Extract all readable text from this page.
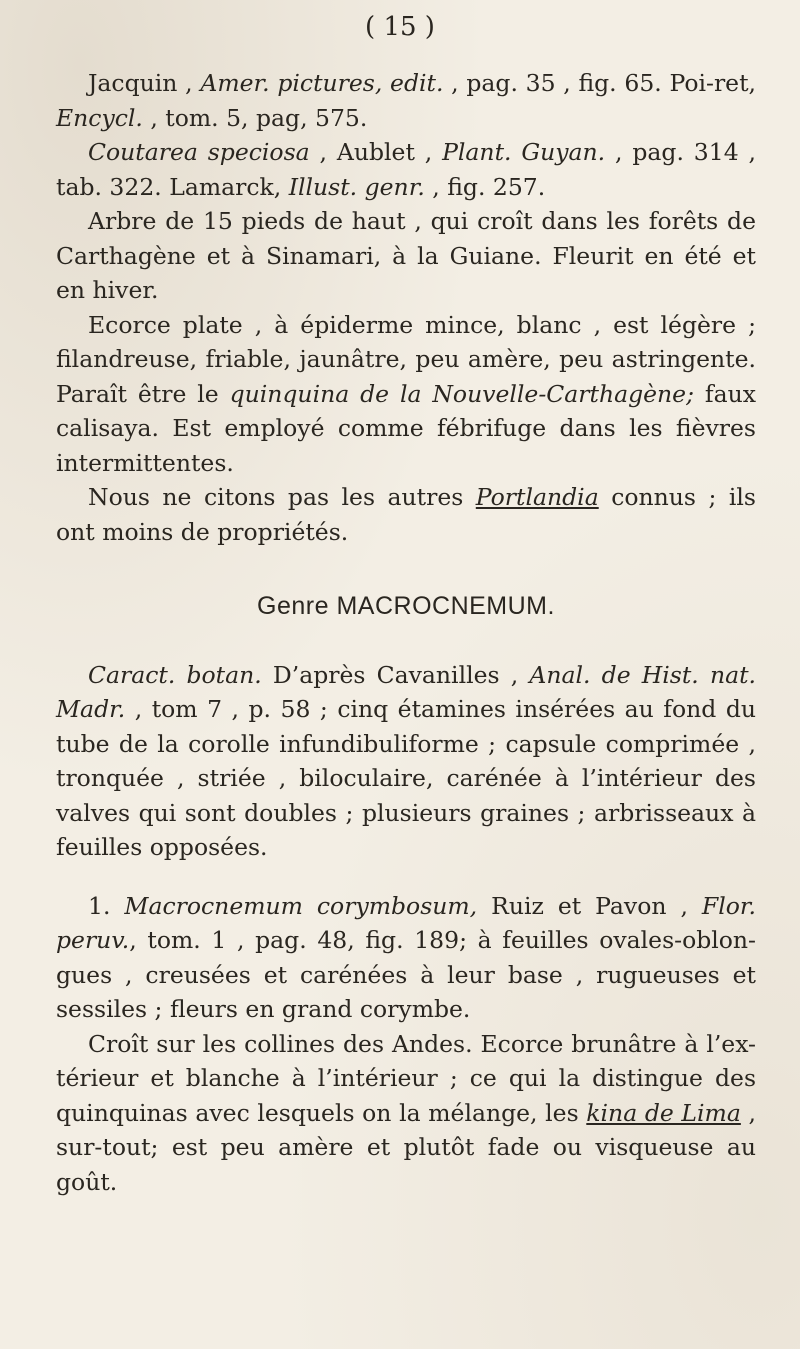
( 15 )

Jacquin , Amer. pictures, edit. , pag. 35 , fig. 65. Poi-ret, Encycl. , tom. 5, pag, 575.

Coutarea speciosa , Aublet , Plant. Guyan. , pag. 314 , tab. 322. Lamarck, Illust. genr. , fig. 257.

Arbre de 15 pieds de haut , qui croît dans les forêts de Carthagène et à Sinamari, à la Guiane. Fleurit en été et en hiver.

Ecorce plate , à épiderme mince, blanc , est légère ; filandreuse, friable, jaunâtre, peu amère, peu astringente. Paraît être le quinquina de la Nouvelle-Carthagène; faux calisaya. Est employé comme fébrifuge dans les fièvres intermittentes.

Nous ne citons pas les autres Portlandia connus ; ils ont moins de propriétés.

Genre MACROCNEMUM.

Caract. botan. D’après Cavanilles , Anal. de Hist. nat. Madr. , tom 7 , p. 58 ; cinq étamines insérées au fond du tube de la corolle infundibuliforme ; capsule comprimée , tronquée , striée , biloculaire, carénée à l’intérieur des valves qui sont doubles ; plusieurs graines ; arbrisseaux à feuilles opposées.

1. Macrocnemum corymbosum, Ruiz et Pavon , Flor. peruv., tom. 1 , pag. 48, fig. 189; à feuilles ovales-oblon-gues , creusées et carénées à leur base , rugueuses et sessiles ; fleurs en grand corymbe.

Croît sur les collines des Andes. Ecorce brunâtre à l’ex-térieur et blanche à l’intérieur ; ce qui la distingue des quinquinas avec lesquels on la mélange, les kina de Lima , sur-tout; est peu amère et plutôt fade ou visqueuse au goût.
